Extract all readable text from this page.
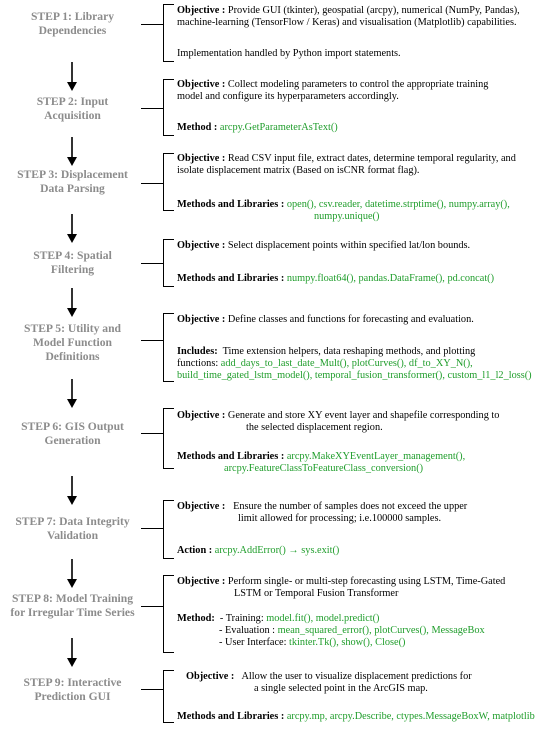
STEP 1: Library
Dependencies
Objective : Provide GUI (tkinter), geospatial (arcpy), numerical (NumPy, Pandas),
machine-learning (TensorFlow / Keras) and visualisation (Matplotlib) capabilities.
Implementation handled by Python import statements.
STEP 2: Input
Acquisition
Objective : Collect modeling parameters to control the appropriate training
model and configure its hyperparameters accordingly.
Method : arcpy.GetParameterAsText()
STEP 3: Displacement
Data Parsing
Objective : Read CSV input file, extract dates, determine temporal regularity, and
isolate displacement matrix (Based on isCNR format flag).
Methods and Libraries : open(), csv.reader, datetime.strptime(), numpy.array(),
numpy.unique()
STEP 4: Spatial
Filtering
Objective : Select displacement points within specified lat/lon bounds.
Methods and Libraries : numpy.float64(), pandas.DataFrame(), pd.concat()
STEP 5: Utility and
Model Function
Definitions
Objective : Define classes and functions for forecasting and evaluation.
Includes: Time extension helpers, data reshaping methods, and plotting
functions: add_days_to_last_date_Mult(), plotCurves(), df_to_XY_N(),
build_time_gated_lstm_model(), temporal_fusion_transformer(), custom_l1_l2_loss()
STEP 6: GIS Output
Generation
Objective : Generate and store XY event layer and shapefile corresponding to
the selected displacement region.
Methods and Libraries : arcpy.MakeXYEventLayer_management(),
arcpy.FeatureClassToFeatureClass_conversion()
STEP 7: Data Integrity
Validation
Objective : Ensure the number of samples does not exceed the upper
limit allowed for processing; i.e.100000 samples.
Action : arcpy.AddError() → sys.exit()
STEP 8: Model Training
for Irregular Time Series
Objective : Perform single- or multi-step forecasting using LSTM, Time-Gated
LSTM or Temporal Fusion Transformer
Method: - Training: model.fit(), model.predict()
- Evaluation : mean_squared_error(), plotCurves(), MessageBox
- User Interface: tkinter.Tk(), show(), Close()
STEP 9: Interactive
Prediction GUI
Objective : Allow the user to visualize displacement predictions for
a single selected point in the ArcGIS map.
Methods and Libraries : arcpy.mp, arcpy.Describe, ctypes.MessageBoxW, matplotlib
